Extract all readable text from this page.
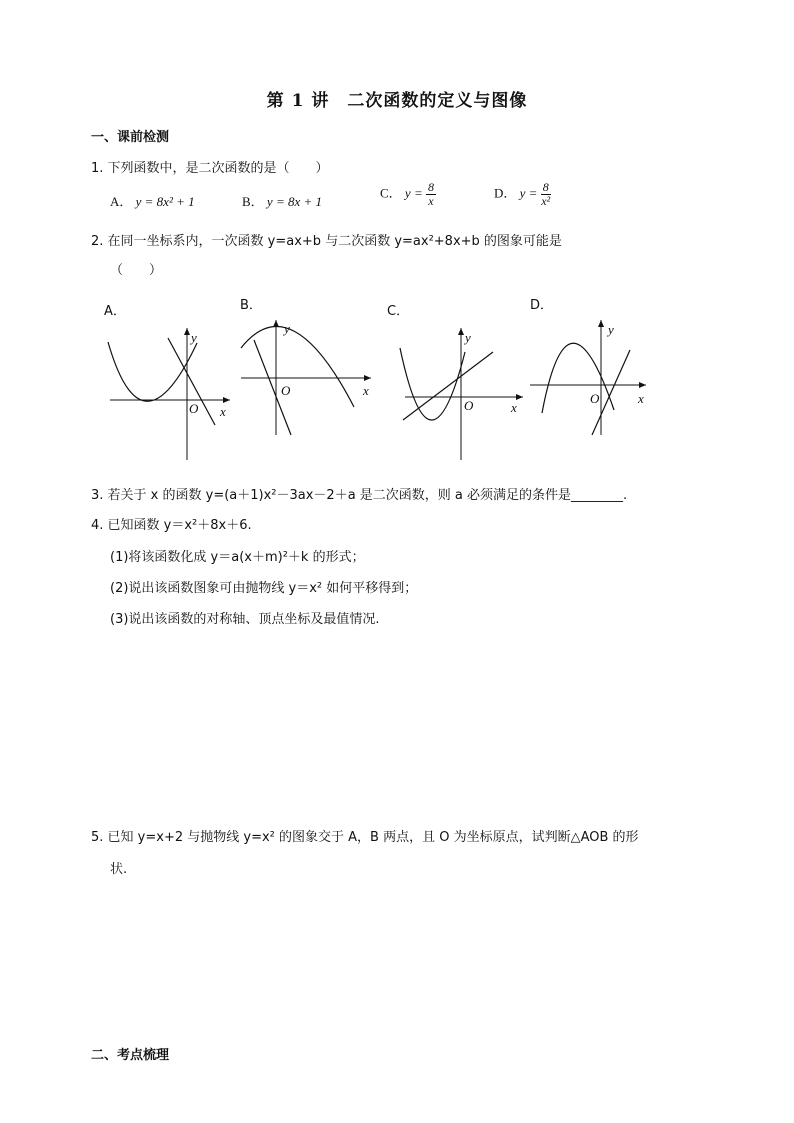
第 1 讲　二次函数的定义与图像
一、课前检测
1. 下列函数中，是二次函数的是（　　）
A． y = 8x² + 1	B． y = 8x + 1
C． $y = \frac{8}{x}$	D． $y = \frac{8}{\text{x²}}$
2. 在同一坐标系内，一次函数 y=ax+b 与二次函数 y=ax²+8x+b 的图象可能是
（　　）
A．	B．	C．	D．
x
y
O
x
y
O
x
y
O	x
y
O
3. 若关于 x 的函数 y=(a＋1)x²－3ax－2＋a 是二次函数，则 a 必须满足的条件是________.
4. 已知函数 y＝x²＋8x＋6.
(1)将该函数化成 y＝a(x＋m)²＋k 的形式；
(2)说出该函数图象可由抛物线 y＝x² 如何平移得到；
(3)说出该函数的对称轴、顶点坐标及最值情况.
5. 已知 y=x+2 与抛物线 y=x² 的图象交于 A，B 两点，且 O 为坐标原点，试判断△AOB 的形
状.
二、考点梳理
